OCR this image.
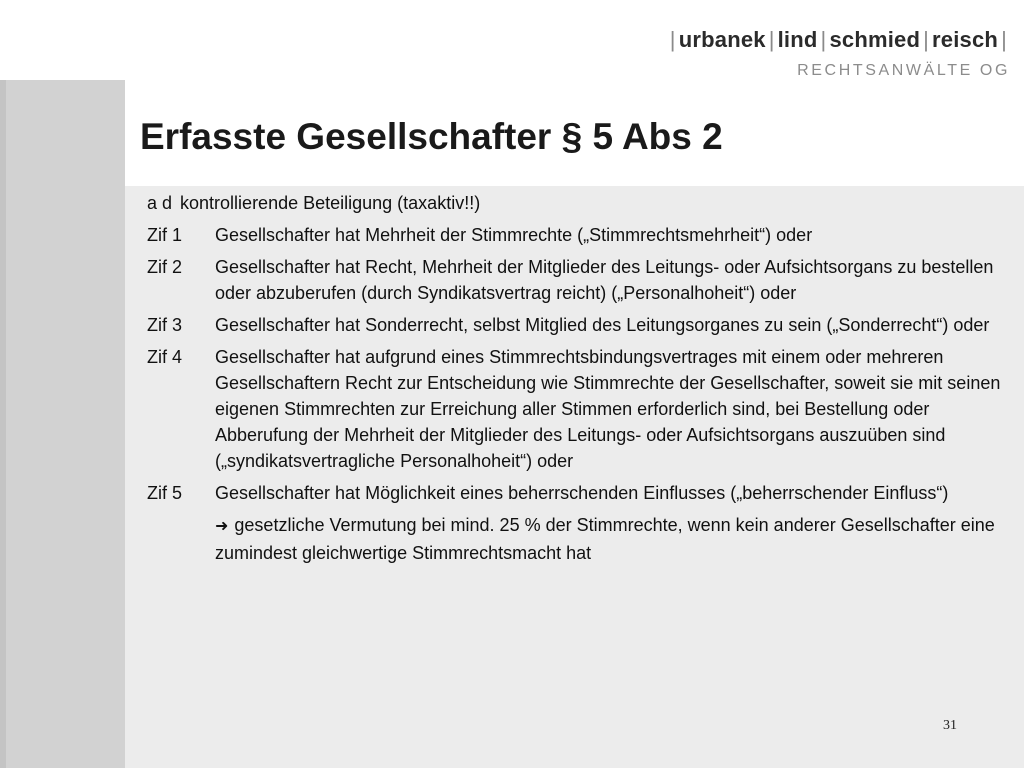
| urbanek | lind | schmied | reisch |
RECHTSANWÄLTE OG
Erfasste Gesellschafter § 5 Abs 2
a d kontrollierende Beteiligung (taxaktiv!!)
Zif 1	Gesellschafter hat Mehrheit der Stimmrechte („Stimmrechtsmehrheit“) oder
Zif 2	Gesellschafter hat Recht, Mehrheit der Mitglieder des Leitungs- oder Aufsichtsorgans zu bestellen oder abzuberufen (durch Syndikatsvertrag reicht) („Personalhoheit“) oder
Zif 3	Gesellschafter hat Sonderrecht, selbst Mitglied des Leitungsorganes zu sein („Sonderrecht“) oder
Zif 4	Gesellschafter hat aufgrund eines Stimmrechtsbindungsvertrages mit einem oder mehreren Gesellschaftern Recht zur Entscheidung wie Stimmrechte der Gesellschafter, soweit sie mit seinen eigenen Stimmrechten zur Erreichung aller Stimmen erforderlich sind, bei Bestellung oder Abberufung der Mehrheit der Mitglieder des Leitungs- oder Aufsichtsorgans auszuüben sind („syndikatsvertragliche Personalhoheit“) oder
Zif 5	Gesellschafter hat Möglichkeit eines beherrschenden Einflusses („beherrschender Einfluss“)
➜ gesetzliche Vermutung bei mind. 25 % der Stimmrechte, wenn kein anderer Gesellschafter eine zumindest gleichwertige Stimmrechtsmacht hat
31
